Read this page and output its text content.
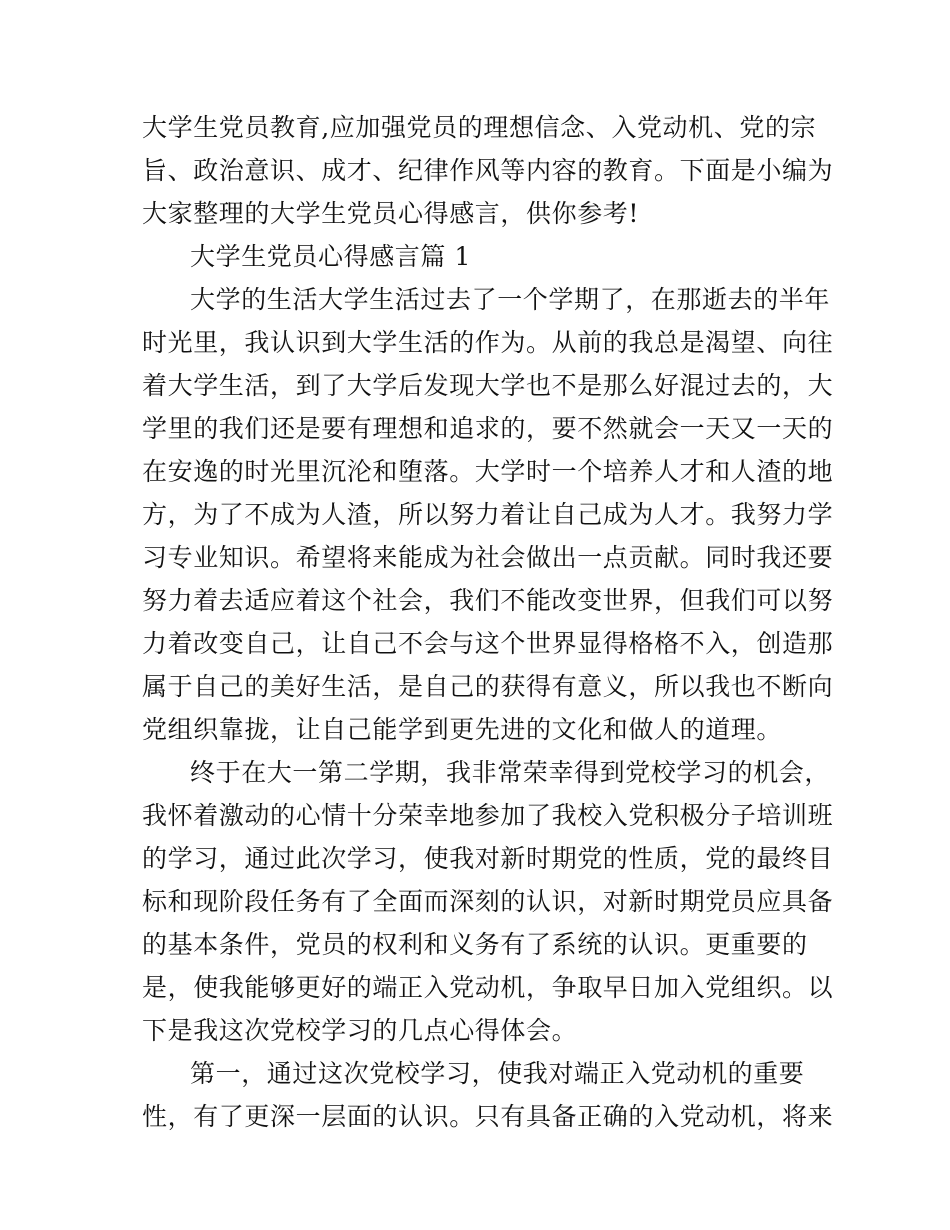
大学生党员教育,应加强党员的理想信念、入党动机、党的宗
旨、政治意识、成才、纪律作风等内容的教育。下面是小编为
大家整理的大学生党员心得感言，供你参考!
大学生党员心得感言篇 1
大学的生活大学生活过去了一个学期了，在那逝去的半年
时光里，我认识到大学生活的作为。从前的我总是渴望、向往
着大学生活，到了大学后发现大学也不是那么好混过去的，大
学里的我们还是要有理想和追求的，要不然就会一天又一天的
在安逸的时光里沉沦和堕落。大学时一个培养人才和人渣的地
方，为了不成为人渣，所以努力着让自己成为人才。我努力学
习专业知识。希望将来能成为社会做出一点贡献。同时我还要
努力着去适应着这个社会，我们不能改变世界，但我们可以努
力着改变自己，让自己不会与这个世界显得格格不入，创造那
属于自己的美好生活，是自己的获得有意义，所以我也不断向
党组织靠拢，让自己能学到更先进的文化和做人的道理。
终于在大一第二学期，我非常荣幸得到党校学习的机会，
我怀着激动的心情十分荣幸地参加了我校入党积极分子培训班
的学习，通过此次学习，使我对新时期党的性质，党的最终目
标和现阶段任务有了全面而深刻的认识，对新时期党员应具备
的基本条件，党员的权利和义务有了系统的认识。更重要的
是，使我能够更好的端正入党动机，争取早日加入党组织。以
下是我这次党校学习的几点心得体会。
第一，通过这次党校学习，使我对端正入党动机的重要
性，有了更深一层面的认识。只有具备正确的入党动机，将来
